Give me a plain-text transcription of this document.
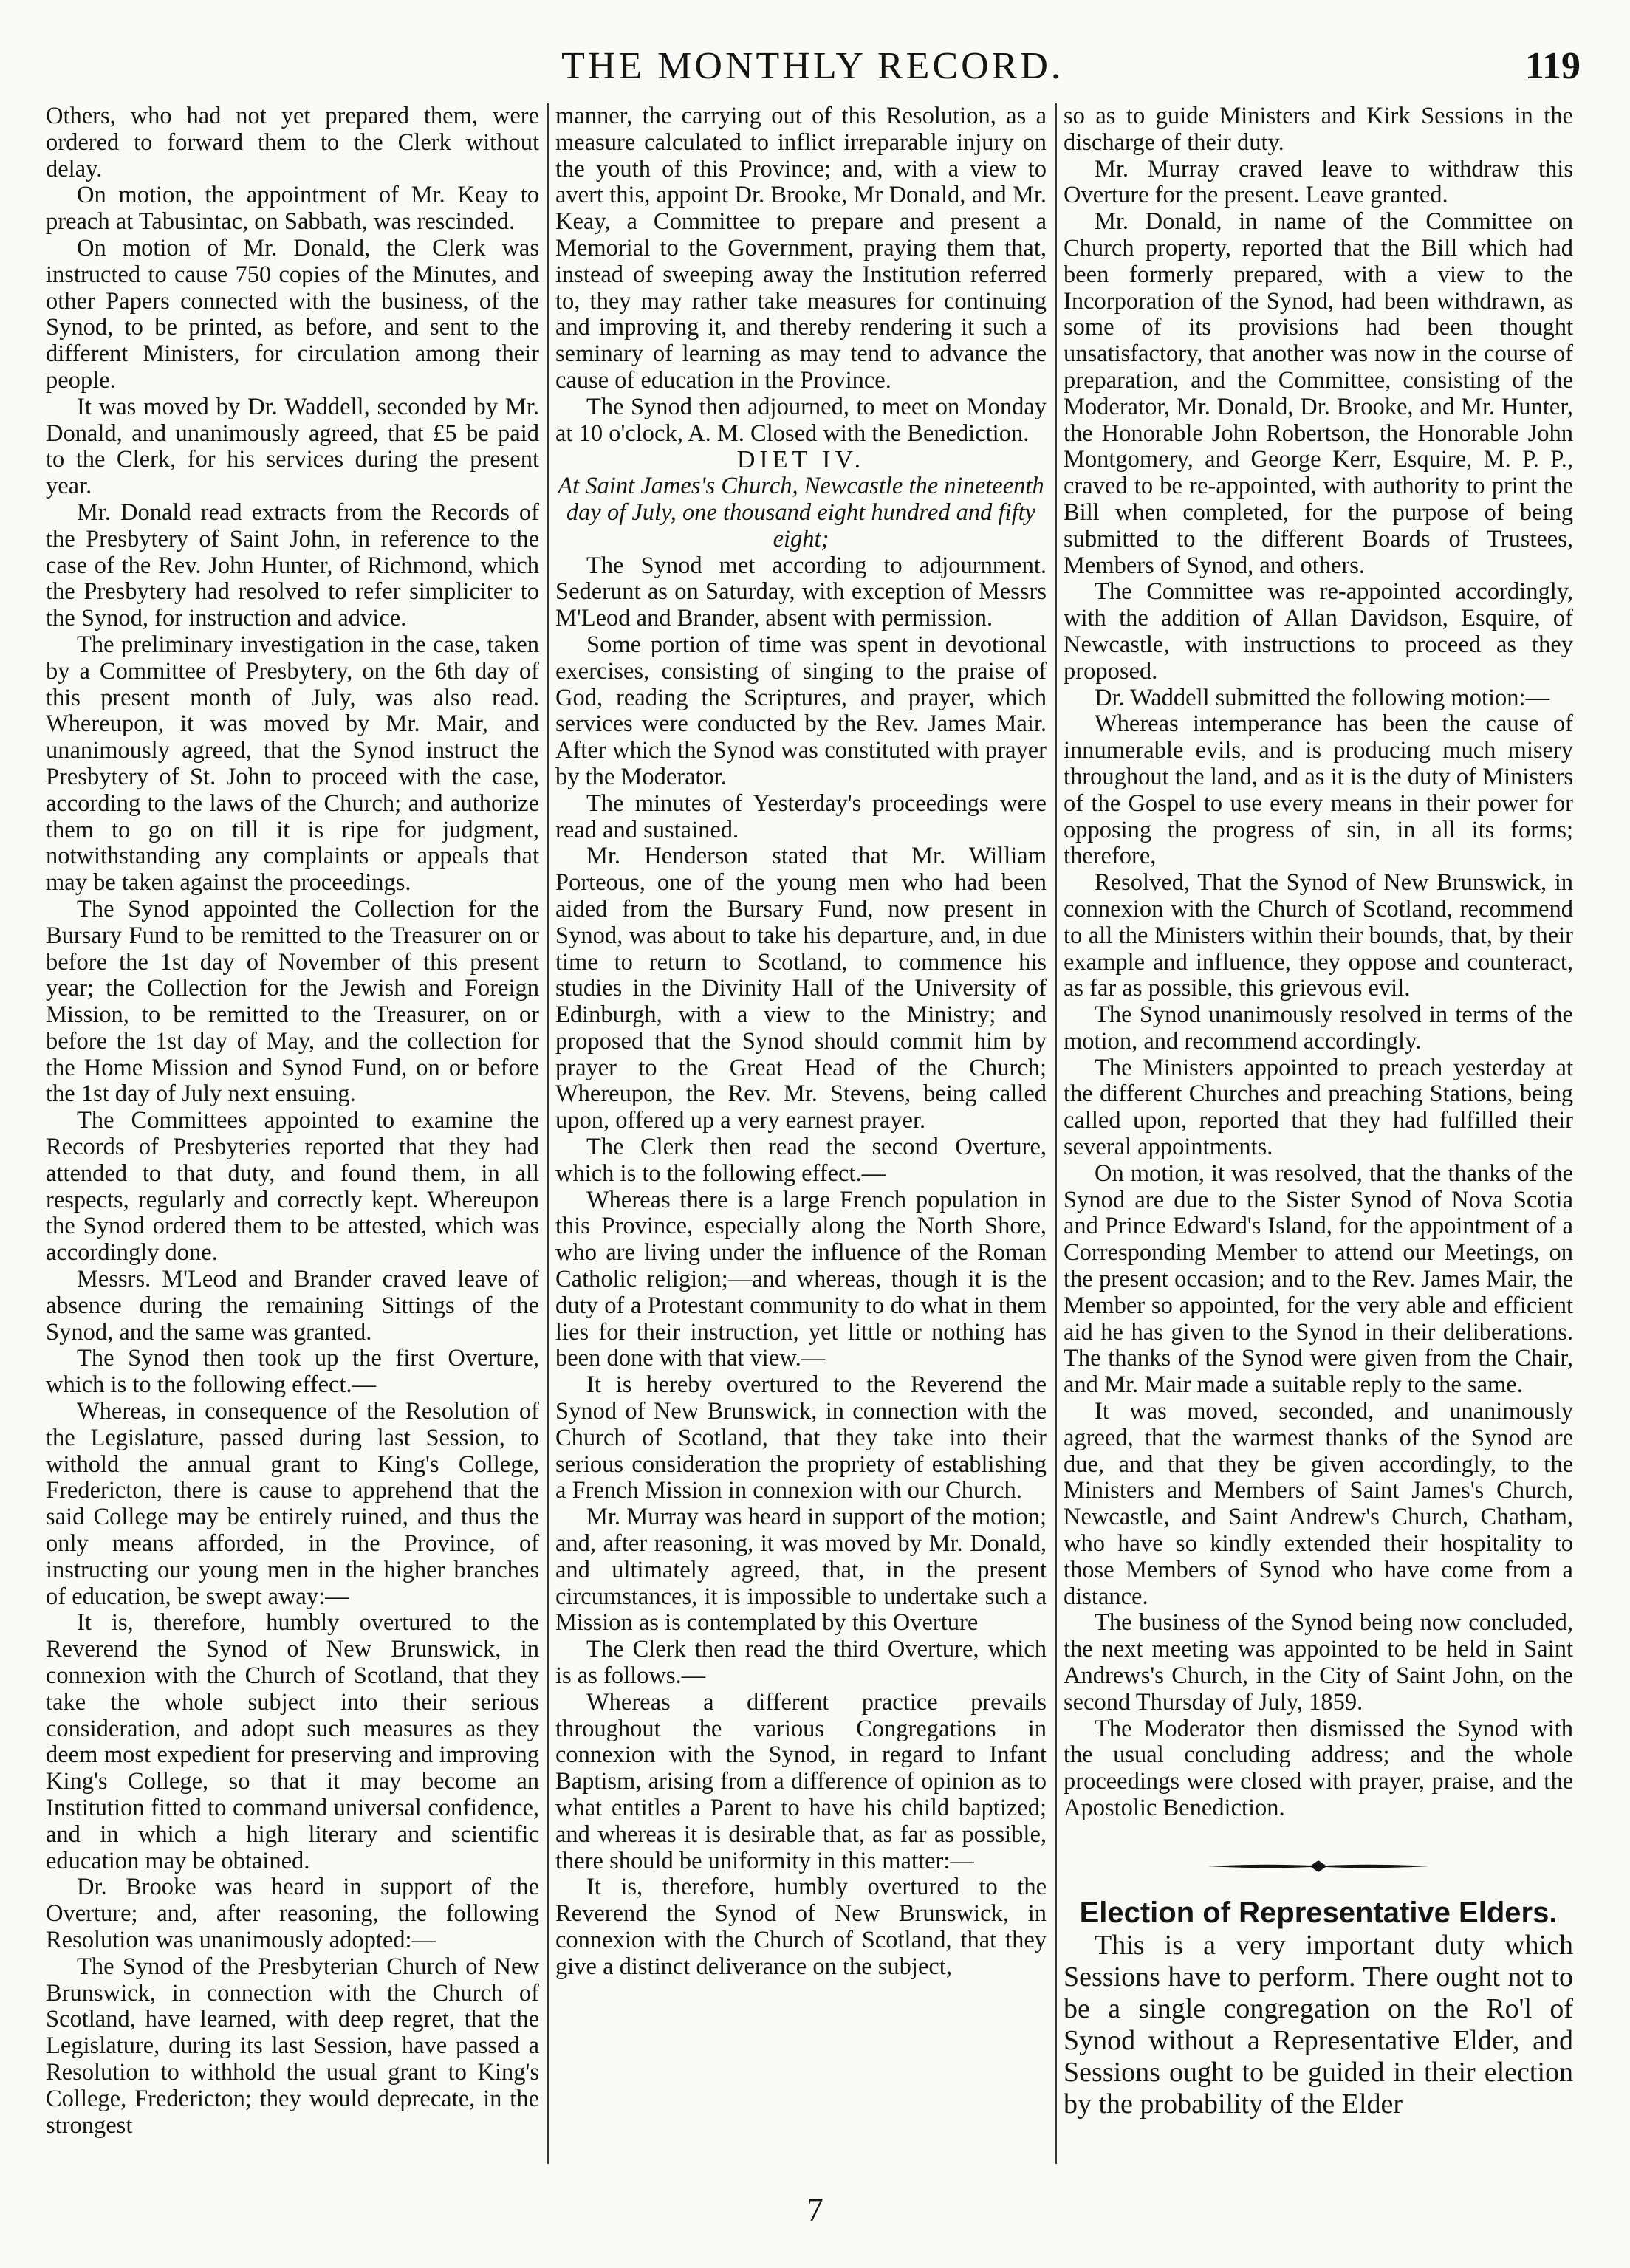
THE MONTHLY RECORD.	119

Others, who had not yet prepared them, were ordered to forward them to the Clerk without delay.

On motion, the appointment of Mr. Keay to preach at Tabusintac, on Sabbath, was rescinded.

On motion of Mr. Donald, the Clerk was instructed to cause 750 copies of the Minutes, and other Papers connected with the business, of the Synod, to be printed, as before, and sent to the different Ministers, for circulation among their people.

It was moved by Dr. Waddell, seconded by Mr. Donald, and unanimously agreed, that £5 be paid to the Clerk, for his services during the present year.

Mr. Donald read extracts from the Records of the Presbytery of Saint John, in reference to the case of the Rev. John Hunter, of Richmond, which the Presbytery had resolved to refer simpliciter to the Synod, for instruction and advice.

The preliminary investigation in the case, taken by a Committee of Presbytery, on the 6th day of this present month of July, was also read. Whereupon, it was moved by Mr. Mair, and unanimously agreed, that the Synod instruct the Presbytery of St. John to proceed with the case, according to the laws of the Church; and authorize them to go on till it is ripe for judgment, notwithstanding any complaints or appeals that may be taken against the proceedings.

The Synod appointed the Collection for the Bursary Fund to be remitted to the Treasurer on or before the 1st day of November of this present year; the Collection for the Jewish and Foreign Mission, to be remitted to the Treasurer, on or before the 1st day of May, and the collection for the Home Mission and Synod Fund, on or before the 1st day of July next ensuing.

The Committees appointed to examine the Records of Presbyteries reported that they had attended to that duty, and found them, in all respects, regularly and correctly kept. Whereupon the Synod ordered them to be attested, which was accordingly done.

Messrs. M'Leod and Brander craved leave of absence during the remaining Sittings of the Synod, and the same was granted.

The Synod then took up the first Overture, which is to the following effect.—

Whereas, in consequence of the Resolution of the Legislature, passed during last Session, to withold the annual grant to King's College, Fredericton, there is cause to apprehend that the said College may be entirely ruined, and thus the only means afforded, in the Province, of instructing our young men in the higher branches of education, be swept away:—

It is, therefore, humbly overtured to the Reverend the Synod of New Brunswick, in connexion with the Church of Scotland, that they take the whole subject into their serious consideration, and adopt such measures as they deem most expedient for preserving and improving King's College, so that it may become an Institution fitted to command universal confidence, and in which a high literary and scientific education may be obtained.

Dr. Brooke was heard in support of the Overture; and, after reasoning, the following Resolution was unanimously adopted:—

The Synod of the Presbyterian Church of New Brunswick, in connection with the Church of Scotland, have learned, with deep regret, that the Legislature, during its last Session, have passed a Resolution to withhold the usual grant to King's College, Fredericton; they would deprecate, in the strongest

manner, the carrying out of this Resolution, as a measure calculated to inflict irreparable injury on the youth of this Province; and, with a view to avert this, appoint Dr. Brooke, Mr Donald, and Mr. Keay, a Committee to prepare and present a Memorial to the Government, praying them that, instead of sweeping away the Institution referred to, they may rather take measures for continuing and improving it, and thereby rendering it such a seminary of learning as may tend to advance the cause of education in the Province.

The Synod then adjourned, to meet on Monday at 10 o'clock, A. M. Closed with the Benediction.

DIET IV.

At Saint James's Church, Newcastle the nineteenth day of July, one thousand eight hundred and fifty eight;

The Synod met according to adjournment. Sederunt as on Saturday, with exception of Messrs M'Leod and Brander, absent with permission.

Some portion of time was spent in devotional exercises, consisting of singing to the praise of God, reading the Scriptures, and prayer, which services were conducted by the Rev. James Mair. After which the Synod was constituted with prayer by the Moderator.

The minutes of Yesterday's proceedings were read and sustained.

Mr. Henderson stated that Mr. William Porteous, one of the young men who had been aided from the Bursary Fund, now present in Synod, was about to take his departure, and, in due time to return to Scotland, to commence his studies in the Divinity Hall of the University of Edinburgh, with a view to the Ministry; and proposed that the Synod should commit him by prayer to the Great Head of the Church; Whereupon, the Rev. Mr. Stevens, being called upon, offered up a very earnest prayer.

The Clerk then read the second Overture, which is to the following effect.—

Whereas there is a large French population in this Province, especially along the North Shore, who are living under the influence of the Roman Catholic religion;—and whereas, though it is the duty of a Protestant community to do what in them lies for their instruction, yet little or nothing has been done with that view.—

It is hereby overtured to the Reverend the Synod of New Brunswick, in connection with the Church of Scotland, that they take into their serious consideration the propriety of establishing a French Mission in connexion with our Church.

Mr. Murray was heard in support of the motion; and, after reasoning, it was moved by Mr. Donald, and ultimately agreed, that, in the present circumstances, it is impossible to undertake such a Mission as is contemplated by this Overture

The Clerk then read the third Overture, which is as follows.—

Whereas a different practice prevails throughout the various Congregations in connexion with the Synod, in regard to Infant Baptism, arising from a difference of opinion as to what entitles a Parent to have his child baptized; and whereas it is desirable that, as far as possible, there should be uniformity in this matter:—

It is, therefore, humbly overtured to the Reverend the Synod of New Brunswick, in connexion with the Church of Scotland, that they give a distinct deliverance on the subject,

so as to guide Ministers and Kirk Sessions in the discharge of their duty.

Mr. Murray craved leave to withdraw this Overture for the present. Leave granted.

Mr. Donald, in name of the Committee on Church property, reported that the Bill which had been formerly prepared, with a view to the Incorporation of the Synod, had been withdrawn, as some of its provisions had been thought unsatisfactory, that another was now in the course of preparation, and the Committee, consisting of the Moderator, Mr. Donald, Dr. Brooke, and Mr. Hunter, the Honorable John Robertson, the Honorable John Montgomery, and George Kerr, Esquire, M. P. P., craved to be re-appointed, with authority to print the Bill when completed, for the purpose of being submitted to the different Boards of Trustees, Members of Synod, and others.

The Committee was re-appointed accordingly, with the addition of Allan Davidson, Esquire, of Newcastle, with instructions to proceed as they proposed.

Dr. Waddell submitted the following motion:—

Whereas intemperance has been the cause of innumerable evils, and is producing much misery throughout the land, and as it is the duty of Ministers of the Gospel to use every means in their power for opposing the progress of sin, in all its forms; therefore,

Resolved, That the Synod of New Brunswick, in connexion with the Church of Scotland, recommend to all the Ministers within their bounds, that, by their example and influence, they oppose and counteract, as far as possible, this grievous evil.

The Synod unanimously resolved in terms of the motion, and recommend accordingly.

The Ministers appointed to preach yesterday at the different Churches and preaching Stations, being called upon, reported that they had fulfilled their several appointments.

On motion, it was resolved, that the thanks of the Synod are due to the Sister Synod of Nova Scotia and Prince Edward's Island, for the appointment of a Corresponding Member to attend our Meetings, on the present occasion; and to the Rev. James Mair, the Member so appointed, for the very able and efficient aid he has given to the Synod in their deliberations. The thanks of the Synod were given from the Chair, and Mr. Mair made a suitable reply to the same.

It was moved, seconded, and unanimously agreed, that the warmest thanks of the Synod are due, and that they be given accordingly, to the Ministers and Members of Saint James's Church, Newcastle, and Saint Andrew's Church, Chatham, who have so kindly extended their hospitality to those Members of Synod who have come from a distance.

The business of the Synod being now concluded, the next meeting was appointed to be held in Saint Andrews's Church, in the City of Saint John, on the second Thursday of July, 1859.

The Moderator then dismissed the Synod with the usual concluding address; and the whole proceedings were closed with prayer, praise, and the Apostolic Benediction.

Election of Representative Elders.

This is a very important duty which Sessions have to perform. There ought not to be a single congregation on the Ro'l of Synod without a Representative Elder, and Sessions ought to be guided in their election by the probability of the Elder

7
